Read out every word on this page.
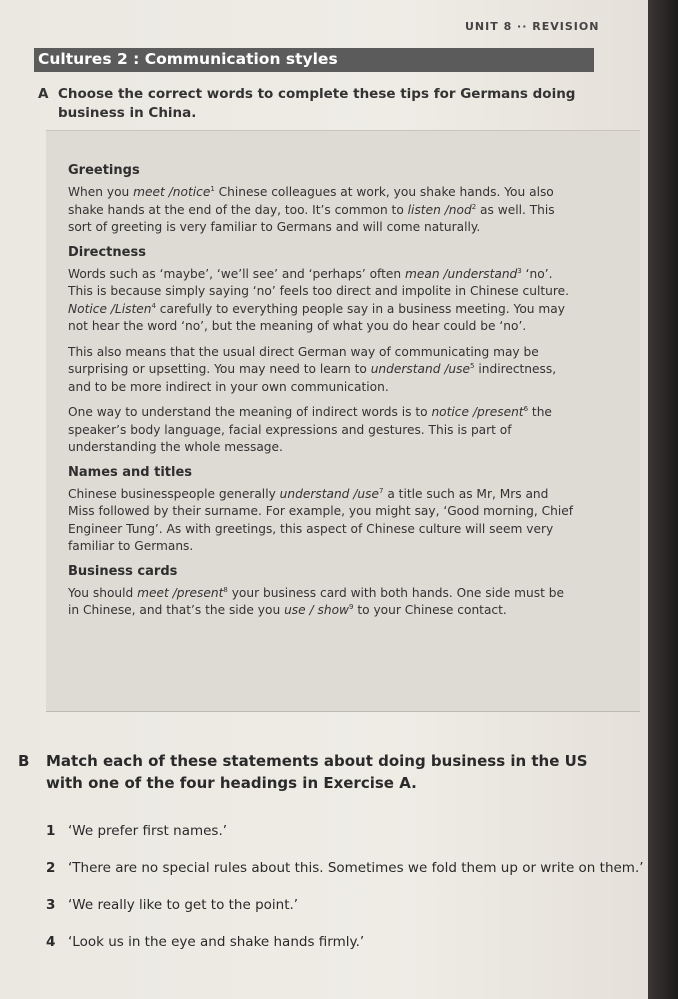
UNIT 8 ·· REVISION
Cultures 2 : Communication styles
A Choose the correct words to complete these tips for Germans doing
business in China.
Greetings

When you meet /notice$^1$ Chinese colleagues at work, you shake hands. You also shake hands at the end of the day, too. It’s common to listen /nod$^2$ as well. This sort of greeting is very familiar to Germans and will come naturally.

Directness

Words such as ‘maybe’, ‘we’ll see’ and ‘perhaps’ often mean /understand$^3$ ‘no’. This is because simply saying ‘no’ feels too direct and impolite in Chinese culture. Notice /Listen$^4$ carefully to everything people say in a business meeting. You may not hear the word ‘no’, but the meaning of what you do hear could be ‘no’.

This also means that the usual direct German way of communicating may be surprising or upsetting. You may need to learn to understand /use$^5$ indirectness, and to be more indirect in your own communication.

One way to understand the meaning of indirect words is to notice /present$^6$ the speaker’s body language, facial expressions and gestures. This is part of understanding the whole message.

Names and titles

Chinese businesspeople generally understand /use$^7$ a title such as Mr, Mrs and Miss followed by their surname. For example, you might say, ‘Good morning, Chief Engineer Tung’. As with greetings, this aspect of Chinese culture will seem very familiar to Germans.

Business cards

You should meet /present$^8$ your business card with both hands. One side must be in Chinese, and that’s the side you use / show$^9$ to your Chinese contact.

B Match each of these statements about doing business in the US
with one of the four headings in Exercise A.
1 ‘We prefer first names.’
2 ‘There are no special rules about this. Sometimes we fold them up or write on them.’
3 ‘We really like to get to the point.’
4 ‘Look us in the eye and shake hands firmly.’
